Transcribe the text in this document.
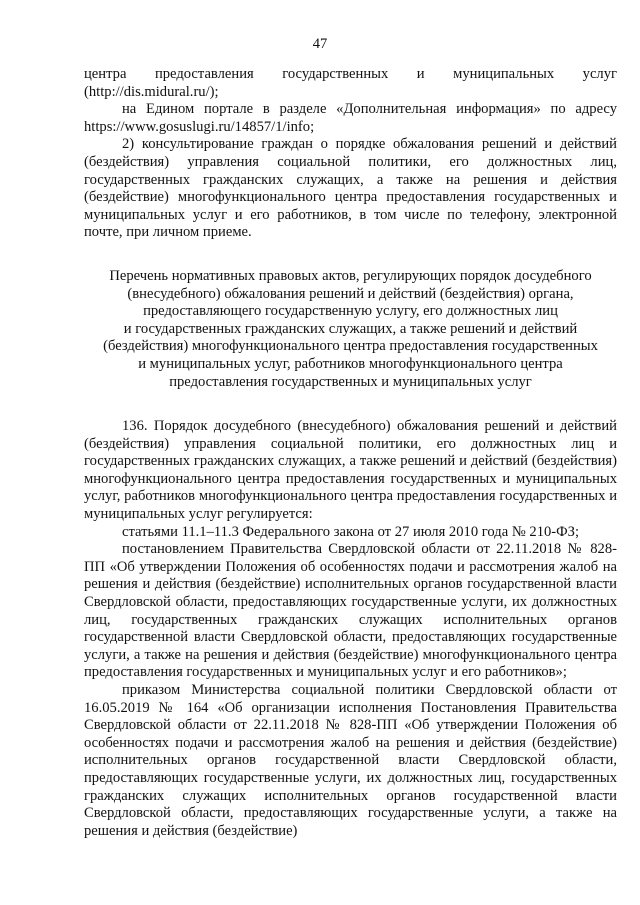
47

центра предоставления государственных и муниципальных услуг (http://dis.midural.ru/);

на Едином портале в разделе «Дополнительная информация» по адресу https://www.gosuslugi.ru/14857/1/info;

2) консультирование граждан о порядке обжалования решений и действий (бездействия) управления социальной политики, его должностных лиц, государственных гражданских служащих, а также на решения и действия (бездействие) многофункционального центра предоставления государственных и муниципальных услуг и его работников, в том числе по телефону, электронной почте, при личном приеме.

Перечень нормативных правовых актов, регулирующих порядок досудебного
(внесудебного) обжалования решений и действий (бездействия) органа,
предоставляющего государственную услугу, его должностных лиц
и государственных гражданских служащих, а также решений и действий
(бездействия) многофункционального центра предоставления государственных
и муниципальных услуг, работников многофункционального центра
предоставления государственных и муниципальных услуг

136. Порядок досудебного (внесудебного) обжалования решений и действий (бездействия) управления социальной политики, его должностных лиц и государственных гражданских служащих, а также решений и действий (бездействия) многофункционального центра предоставления государственных и муниципальных услуг, работников многофункционального центра предоставления государственных и муниципальных услуг регулируется:

статьями 11.1–11.3 Федерального закона от 27 июля 2010 года № 210-ФЗ;

постановлением Правительства Свердловской области от 22.11.2018 № 828-ПП «Об утверждении Положения об особенностях подачи и рассмотрения жалоб на решения и действия (бездействие) исполнительных органов государственной власти Свердловской области, предоставляющих государственные услуги, их должностных лиц, государственных гражданских служащих исполнительных органов государственной власти Свердловской области, предоставляющих государственные услуги, а также на решения и действия (бездействие) многофункционального центра предоставления государственных и муниципальных услуг и его работников»;

приказом Министерства социальной политики Свердловской области от 16.05.2019 № 164 «Об организации исполнения Постановления Правительства Свердловской области от 22.11.2018 № 828-ПП «Об утверждении Положения об особенностях подачи и рассмотрения жалоб на решения и действия (бездействие) исполнительных органов государственной власти Свердловской области, предоставляющих государственные услуги, их должностных лиц, государственных гражданских служащих исполнительных органов государственной власти Свердловской области, предоставляющих государственные услуги, а также на решения и действия (бездействие)
